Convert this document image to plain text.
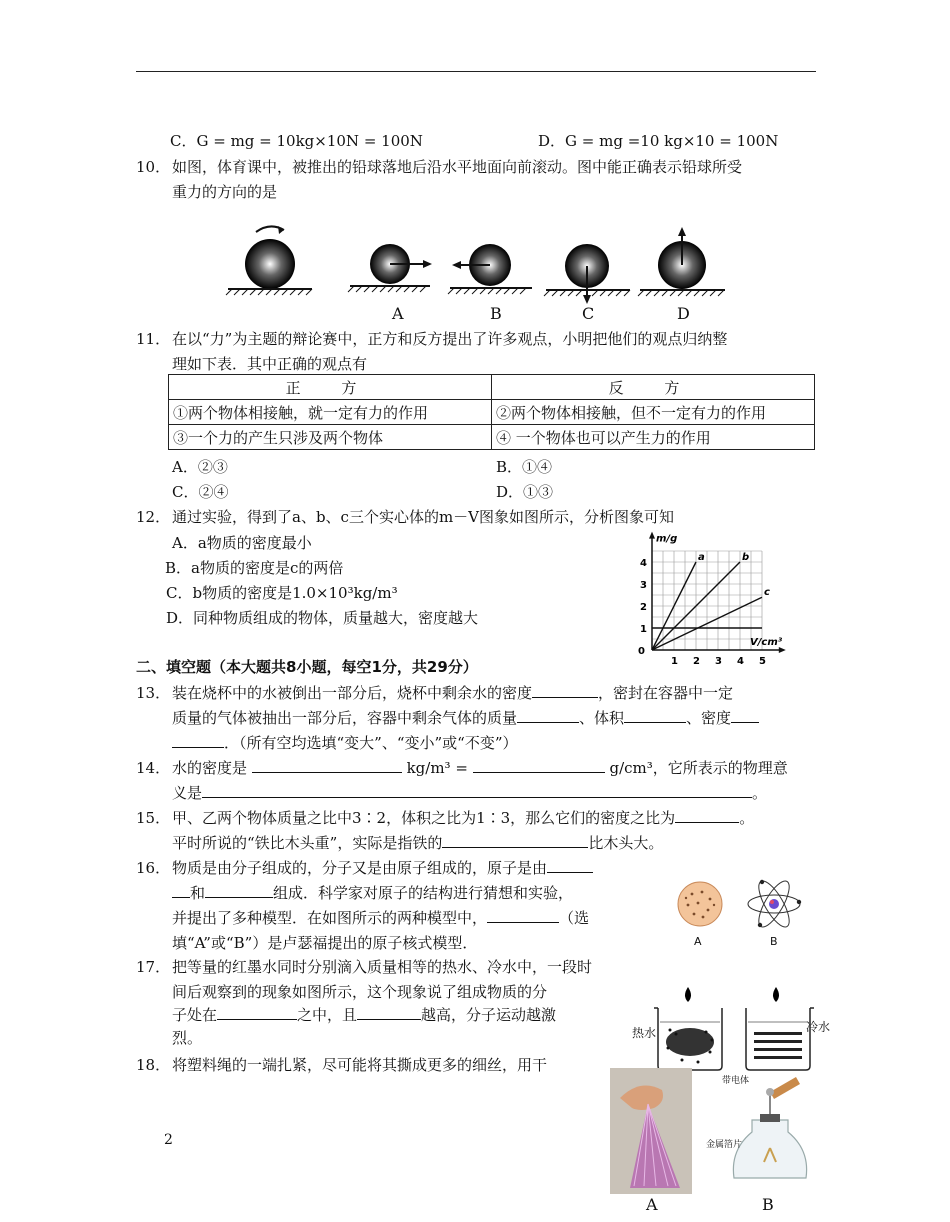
C．G = mg = 10kg×10N = 100N	D．G = mg =10 kg×10 = 100N
10． 如图，体育课中，被推出的铅球落地后沿水平地面向前滚动。图中能正确表示铅球所受
重力的方向的是
A	B	C	D
11． 在以“力”为主题的辩论赛中，正方和反方提出了许多观点，小明把他们的观点归纳整
理如下表．其中正确的观点有
正 方	反 方
①两个物体相接触，就一定有力的作用	②两个物体相接触，但不一定有力的作用
③一个力的产生只涉及两个物体	④ 一个物体也可以产生力的作用
A．②③	B．①④
C．②④	D．①③
12． 通过实验，得到了a、b、c三个实心体的m－V图象如图所示，分析图象可知
A．a物质的密度最小
B．a物质的密度是c的两倍
C．b物质的密度是1.0×10³kg/m³
D．同种物质组成的物体，质量越大，密度越大
1 2 3 4 5
1
2
3
4
0
m/g
V/cm³
a	b
c
二、填空题（本大题共8小题，每空1分，共29分）
13． 装在烧杯中的水被倒出一部分后，烧杯中剩余水的密度	，密封在容器中一定
质量的气体被抽出一部分后，容器中剩余气体的质量	、体积	、密度
．（所有空均选填“变大”、“变小”或“不变”）
14． 水的密度是	kg/m³ =	g/cm³，它所表示的物理意
义是	。
15． 甲、乙两个物体质量之比中3∶2，体积之比为1∶3，那么它们的密度之比为	。
平时所说的“铁比木头重”，实际是指铁的	比木头大。
16． 物质是由分子组成的，分子又是由原子组成的，原子是由
和	组成．科学家对原子的结构进行猜想和实验，
并提出了多种模型．在如图所示的两种模型中，	（选
填“A”或“B”）是卢瑟福提出的原子核式模型．	A	B
17． 把等量的红墨水同时分别滴入质量相等的热水、冷水中，一段时
间后观察到的现象如图所示，这个现象说了组成物质的分
子处在	之中，且	越高，分子运动越激
烈。	热水	冷水
18． 将塑料绳的一端扎紧，尽可能将其撕成更多的细丝，用干
带电体
金属箔片
A	B
2
